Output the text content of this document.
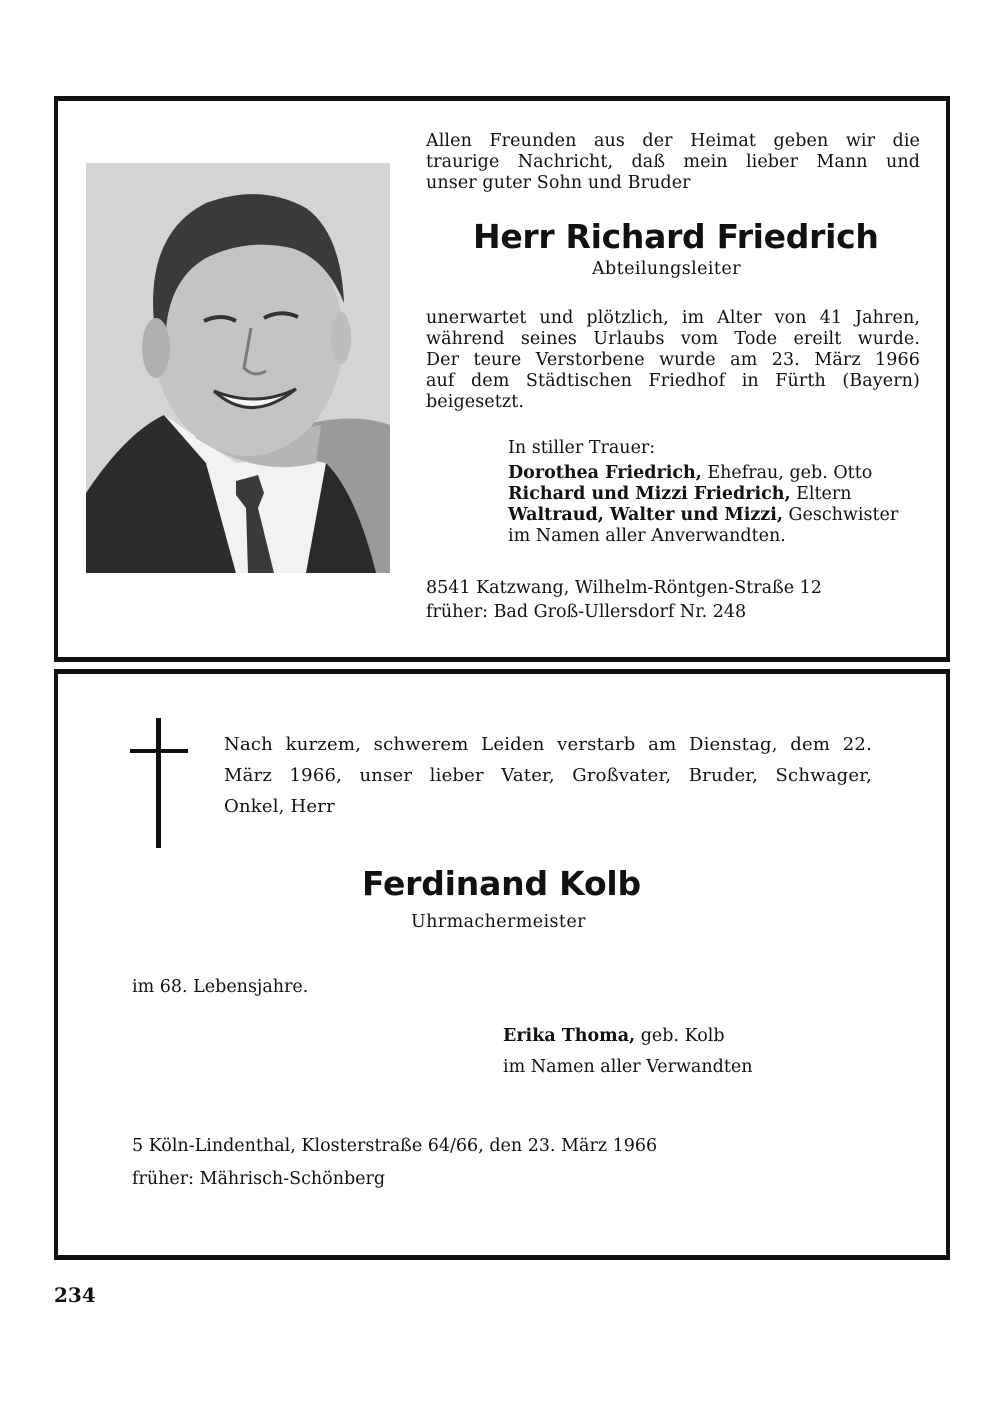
Allen Freunden aus der Heimat geben wir die
traurige Nachricht, daß mein lieber Mann und
unser guter Sohn und Bruder
Herr Richard Friedrich
Abteilungsleiter
unerwartet und plötzlich, im Alter von 41 Jahren,
während seines Urlaubs vom Tode ereilt wurde.
Der teure Verstorbene wurde am 23. März 1966
auf dem Städtischen Friedhof in Fürth (Bayern)
beigesetzt.
In stiller Trauer:
Dorothea Friedrich, Ehefrau, geb. Otto
Richard und Mizzi Friedrich, Eltern
Waltraud, Walter und Mizzi, Geschwister
im Namen aller Anverwandten.
8541 Katzwang, Wilhelm-Röntgen-Straße 12
früher: Bad Groß-Ullersdorf Nr. 248
Nach kurzem, schwerem Leiden verstarb am Dienstag, dem 22.
März 1966, unser lieber Vater, Großvater, Bruder, Schwager,
Onkel, Herr
Ferdinand Kolb
Uhrmachermeister
im 68. Lebensjahre.
Erika Thoma, geb. Kolb
im Namen aller Verwandten
5 Köln-Lindenthal, Klosterstraße 64/66, den 23. März 1966
früher: Mährisch-Schönberg
234
